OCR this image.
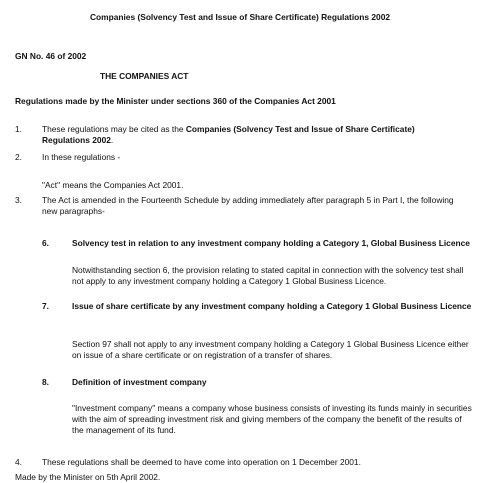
Companies (Solvency Test and Issue of Share Certificate) Regulations 2002
GN No. 46 of 2002
THE COMPANIES ACT
Regulations made by the Minister under sections 360 of the Companies Act 2001
1.	These regulations may be cited as the Companies (Solvency Test and Issue of Share Certificate) Regulations 2002.
2.	In these regulations -
"Act" means the Companies Act 2001.
3.	The Act is amended in the Fourteenth Schedule by adding immediately after paragraph 5 in Part I, the following new paragraphs-
6.	Solvency test in relation to any investment company holding a Category 1, Global Business Licence
Notwithstanding section 6, the provision relating to stated capital in connection with the solvency test shall not apply to any investment company holding a Category 1 Global Business Licence.
7.	Issue of share certificate by any investment company holding a Category 1 Global Business Licence
Section 97 shall not apply to any investment company holding a Category 1 Global Business Licence either on issue of a share certificate or on registration of a transfer of shares.
8.	Definition of investment company
"Investment company" means a company whose business consists of investing its funds mainly in securities with the aim of spreading investment risk and giving members of the company the benefit of the results of the management of its fund.
4.	These regulations shall be deemed to have come into operation on 1 December 2001.
Made by the Minister on 5th April 2002.
